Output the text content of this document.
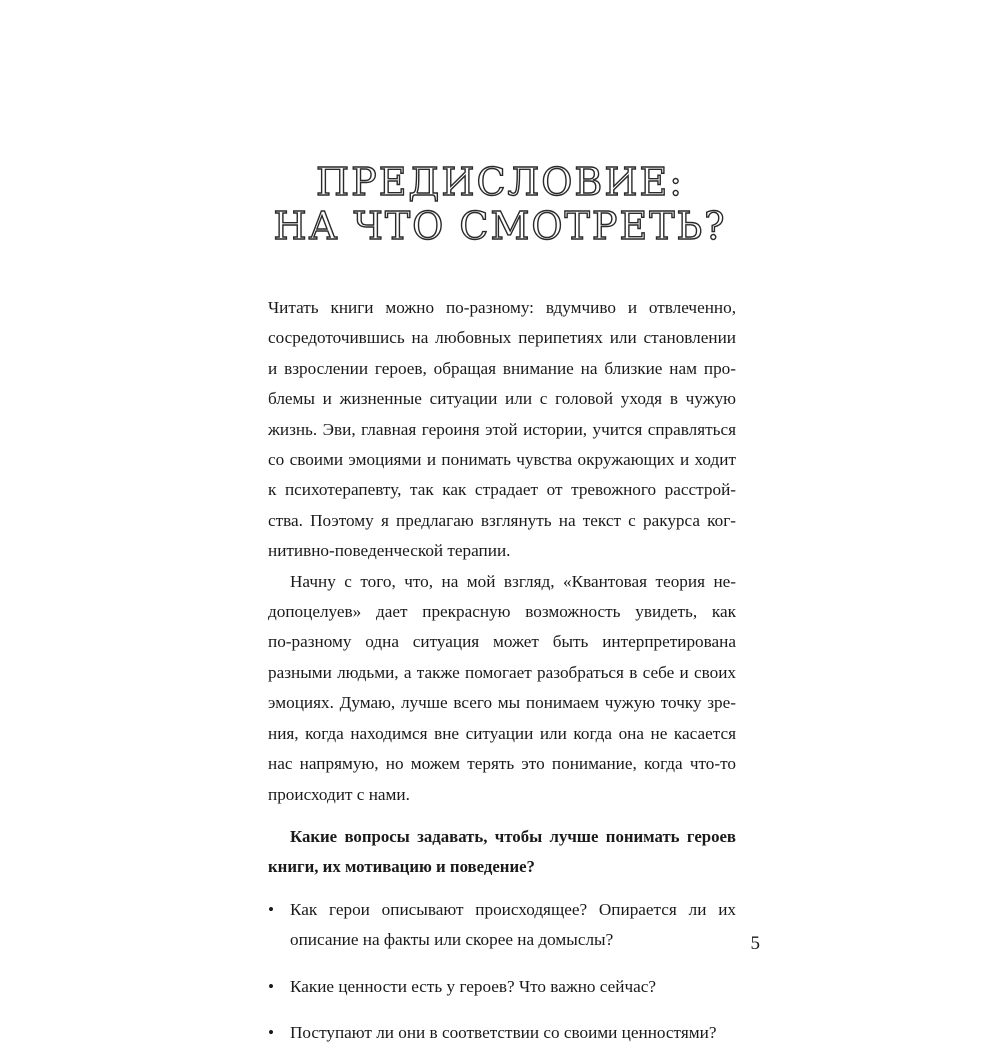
ПРЕДИСЛОВИЕ:
НА ЧТО СМОТРЕТЬ?

Читать книги можно по-разному: вдумчиво и отвлеченно,
сосредоточившись на любовных перипетиях или становлении
и взрослении героев, обращая внимание на близкие нам про-
блемы и жизненные ситуации или с головой уходя в чужую
жизнь. Эви, главная героиня этой истории, учится справляться
со своими эмоциями и понимать чувства окружающих и ходит
к психотерапевту, так как страдает от тревожного расстрой-
ства. Поэтому я предлагаю взглянуть на текст с ракурса ког-
нитивно-поведенческой терапии.

Начну с того, что, на мой взгляд, «Квантовая теория не-
допоцелуев» дает прекрасную возможность увидеть, как
по-разному одна ситуация может быть интерпретирована
разными людьми, а также помогает разобраться в себе и своих
эмоциях. Думаю, лучше всего мы понимаем чужую точку зре-
ния, когда находимся вне ситуации или когда она не касается
нас напрямую, но можем терять это понимание, когда что-то
происходит с нами.

Какие вопросы задавать, чтобы лучше понимать героев
книги, их мотивацию и поведение?
• Как герои описывают происходящее? Опирается ли их
описание на факты или скорее на домыслы?
• Какие ценности есть у героев? Что важно сейчас?
• Поступают ли они в соответствии со своими ценностями?
5
